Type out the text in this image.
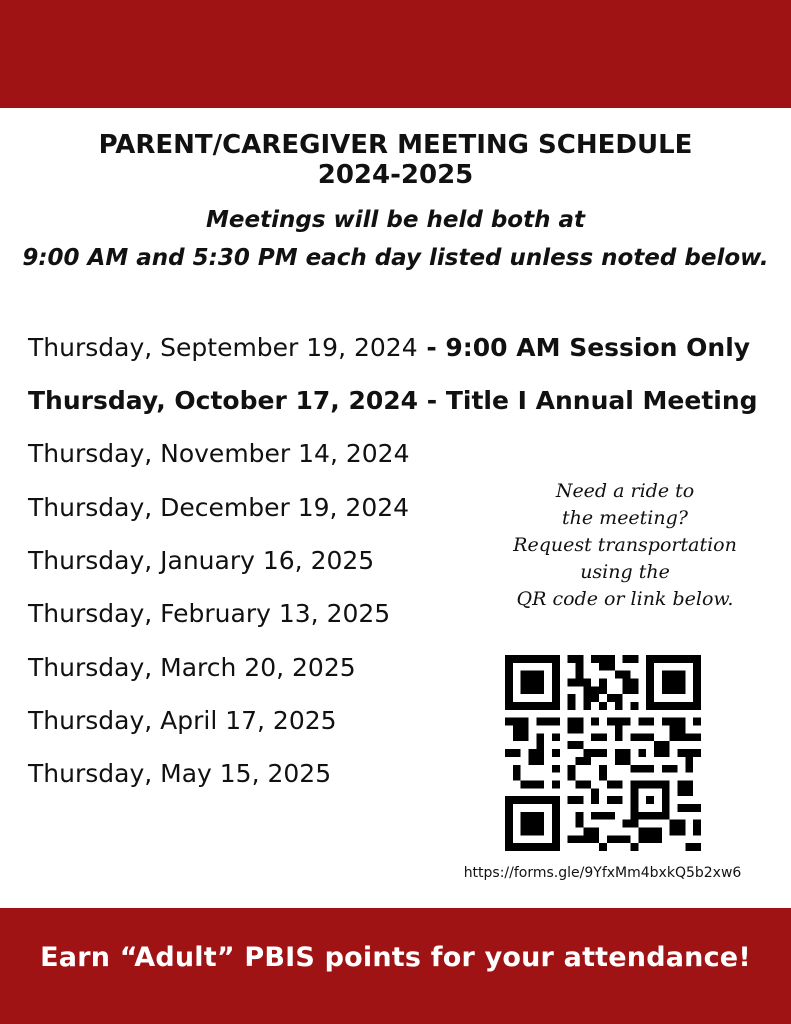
PARENT/CAREGIVER MEETING SCHEDULE
2024-2025
Meetings will be held both at
9:00 AM and 5:30 PM each day listed unless noted below.
Thursday, September 19, 2024 - 9:00 AM Session Only
Thursday, October 17, 2024 - Title I Annual Meeting
Thursday, November 14, 2024
Thursday, December 19, 2024
Thursday, January 16, 2025
Thursday, February 13, 2025
Thursday, March 20, 2025
Thursday, April 17, 2025
Thursday, May 15, 2025
Need a ride to
the meeting?
Request transportation
using the
QR code or link below.
https://forms.gle/9YfxMm4bxkQ5b2xw6
Earn “Adult” PBIS points for your attendance!
